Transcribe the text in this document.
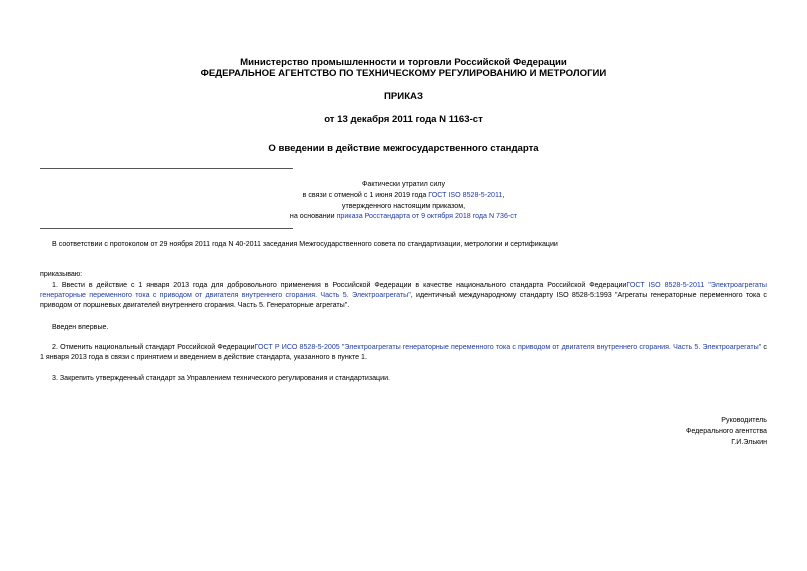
Министерство промышленности и торговли Российской Федерации
ФЕДЕРАЛЬНОЕ АГЕНТСТВО ПО ТЕХНИЧЕСКОМУ РЕГУЛИРОВАНИЮ И МЕТРОЛОГИИ
ПРИКАЗ
от 13 декабря 2011 года N 1163-ст
О введении в действие межгосударственного стандарта
Фактически утратил силу
в связи с отменой с 1 июня 2019 года ГОСТ ISO 8528-5-2011,
утвержденного настоящим приказом,
на основании приказа Росстандарта от 9 октября 2018 года N 736-ст
В соответствии с протоколом от 29 ноября 2011 года N 40-2011 заседания Межгосударственного совета по стандартизации, метрологии и сертификации
приказываю:
1. Ввести в действие с 1 января 2013 года для добровольного применения в Российской Федерации в качестве национального стандарта Российской ФедерацииГОСТ ISO 8528-5-2011 "Электроагрегаты генераторные переменного тока с приводом от двигателя внутреннего сгорания. Часть 5. Электроагрегаты", идентичный международному стандарту ISO 8528-5:1993 "Агрегаты генераторные переменного тока с приводом от поршневых двигателей внутреннего сгорания. Часть 5. Генераторные агрегаты".
Введен впервые.
2. Отменить национальный стандарт Российской ФедерацииГОСТ Р ИСО 8528-5-2005 "Электроагрегаты генераторные переменного тока с приводом от двигателя внутреннего сгорания. Часть 5. Электроагрегаты" с 1 января 2013 года в связи с принятием и введением в действие стандарта, указанного в пункте 1.
3. Закрепить утвержденный стандарт за Управлением технического регулирования и стандартизации.
Руководитель
Федерального агентства
Г.И.Элькин
